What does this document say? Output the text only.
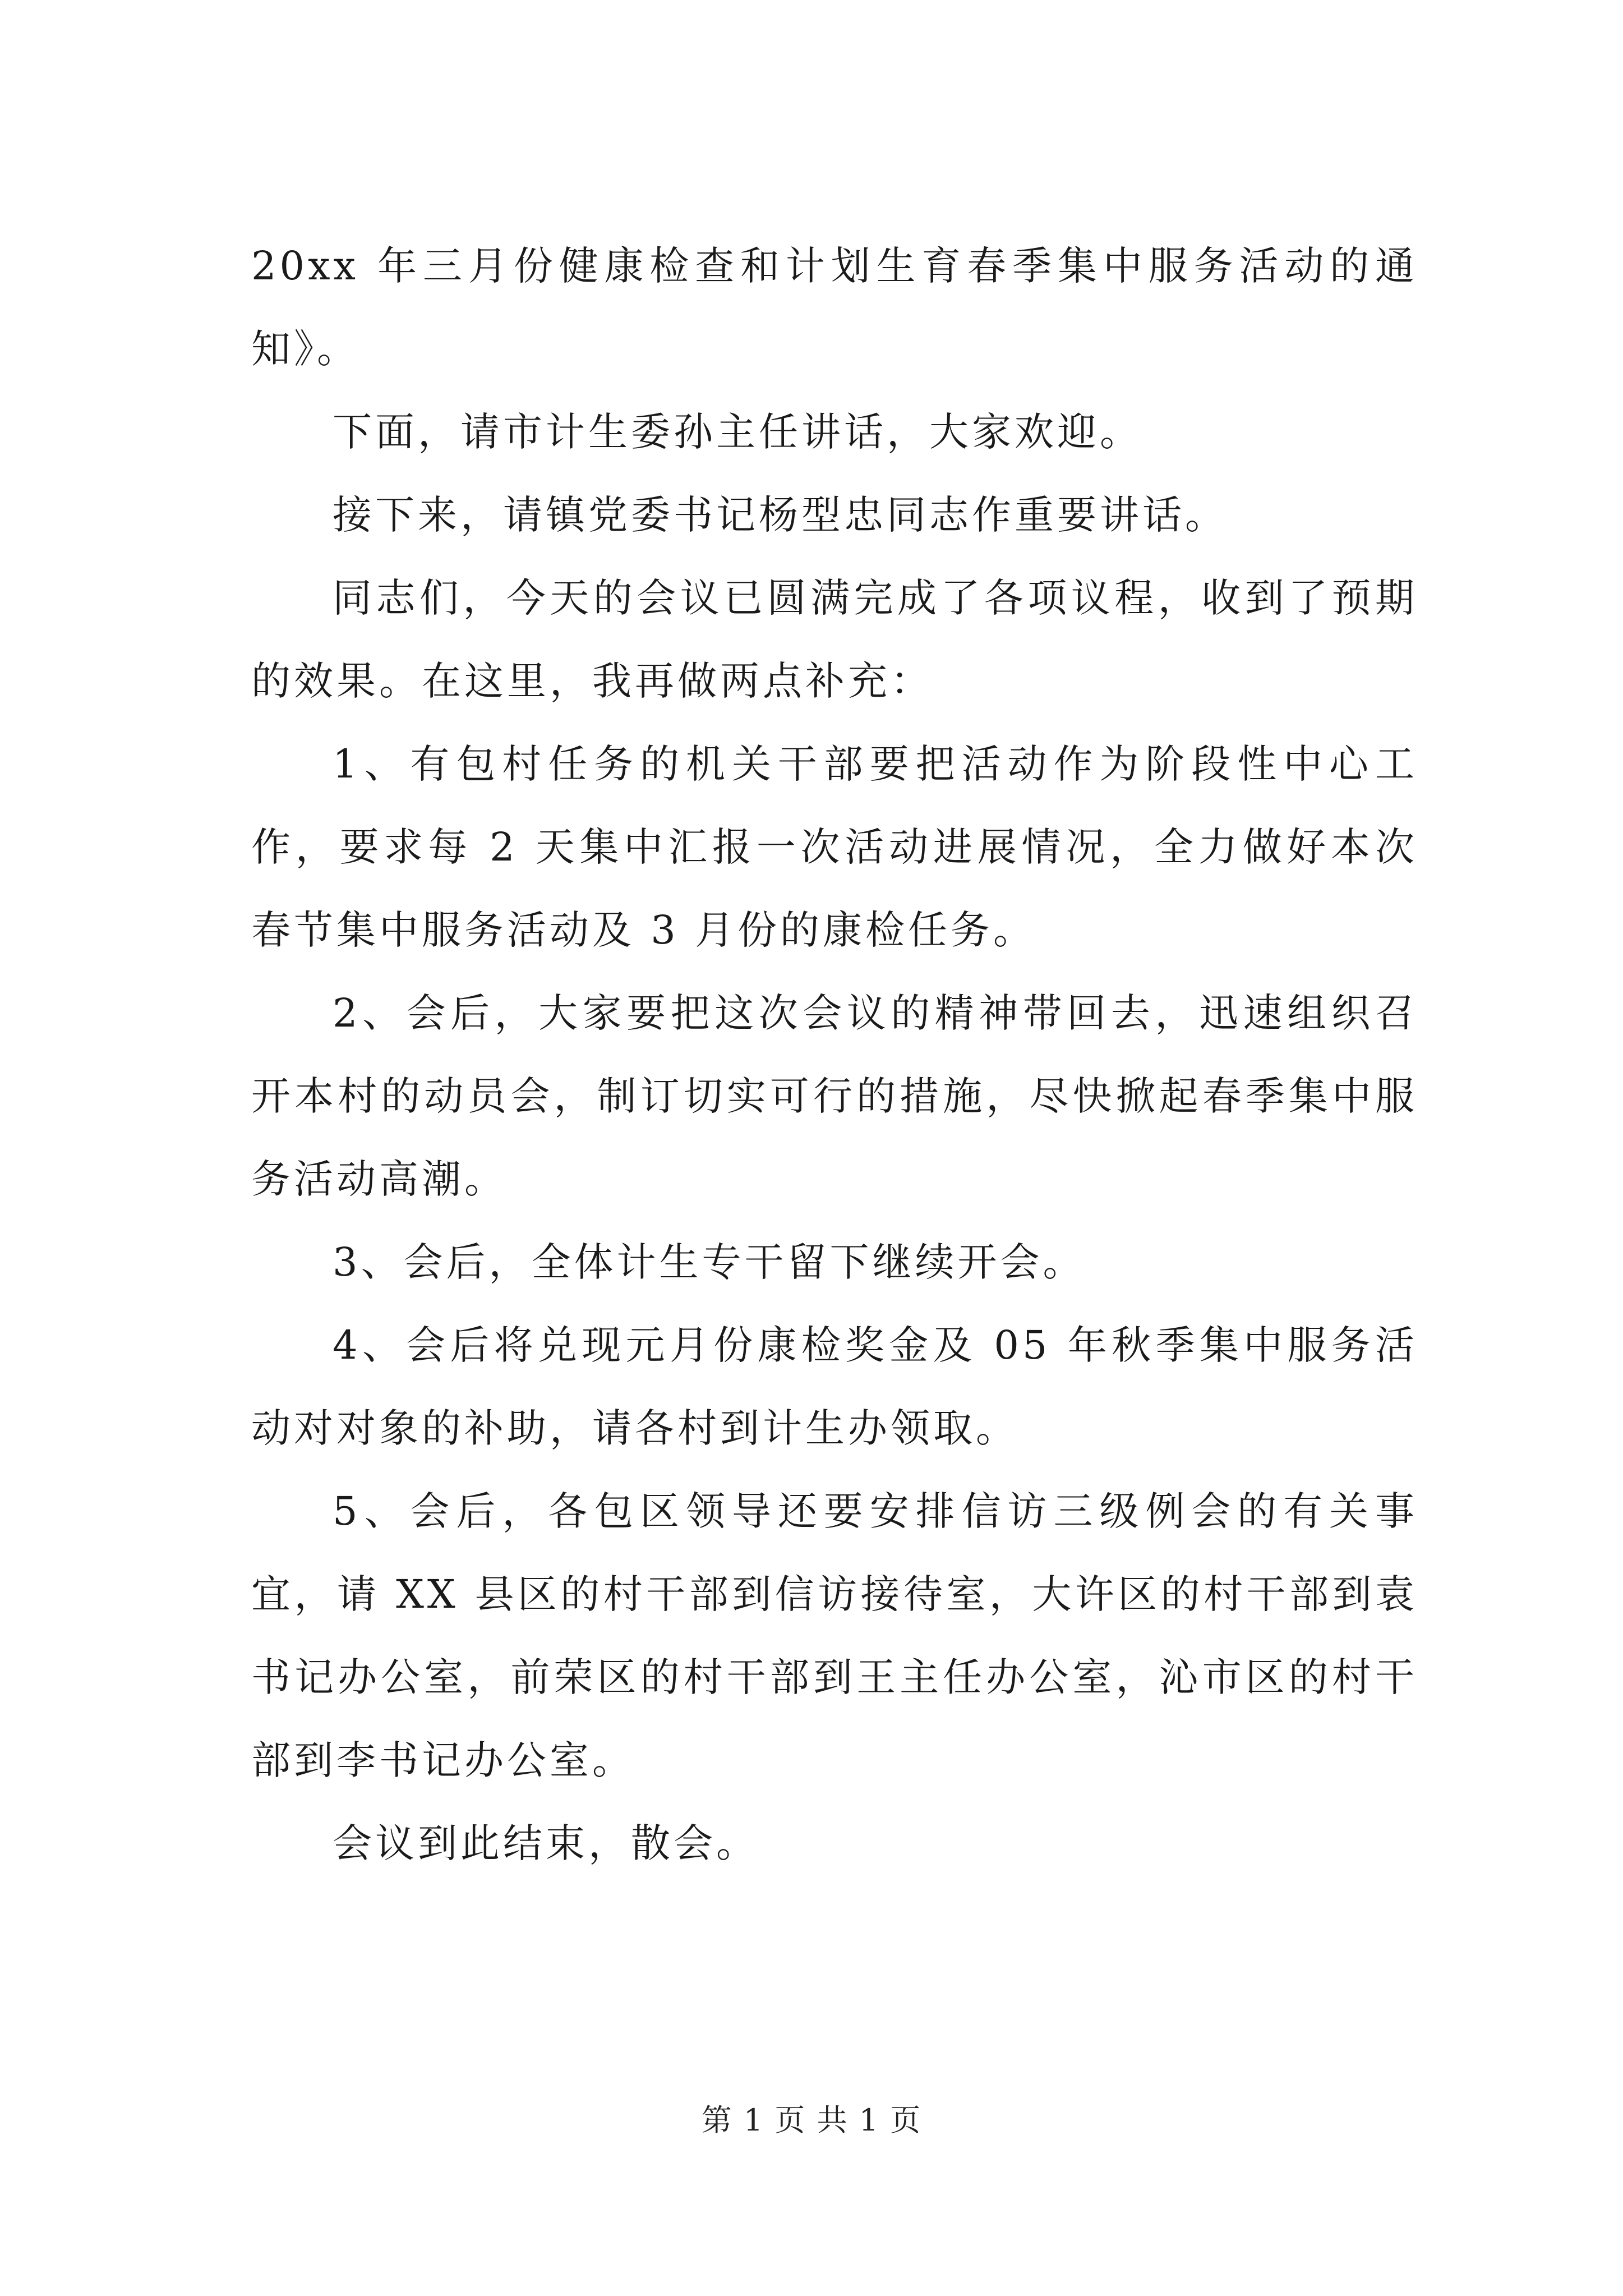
20xx 年三月份健康检查和计划生育春季集中服务活动的通知》。

下面，请市计生委孙主任讲话，大家欢迎。

接下来，请镇党委书记杨型忠同志作重要讲话。

同志们，今天的会议已圆满完成了各项议程，收到了预期的效果。在这里，我再做两点补充：

1、有包村任务的机关干部要把活动作为阶段性中心工作，要求每 2 天集中汇报一次活动进展情况，全力做好本次春节集中服务活动及 3 月份的康检任务。

2、会后，大家要把这次会议的精神带回去，迅速组织召开本村的动员会，制订切实可行的措施，尽快掀起春季集中服务活动高潮。

3、会后，全体计生专干留下继续开会。

4、会后将兑现元月份康检奖金及 05 年秋季集中服务活动对对象的补助，请各村到计生办领取。

5、会后，各包区领导还要安排信访三级例会的有关事宜，请 XX 县区的村干部到信访接待室，大许区的村干部到袁书记办公室，前荣区的村干部到王主任办公室，沁市区的村干部到李书记办公室。

会议到此结束，散会。

第 1 页 共 1 页
